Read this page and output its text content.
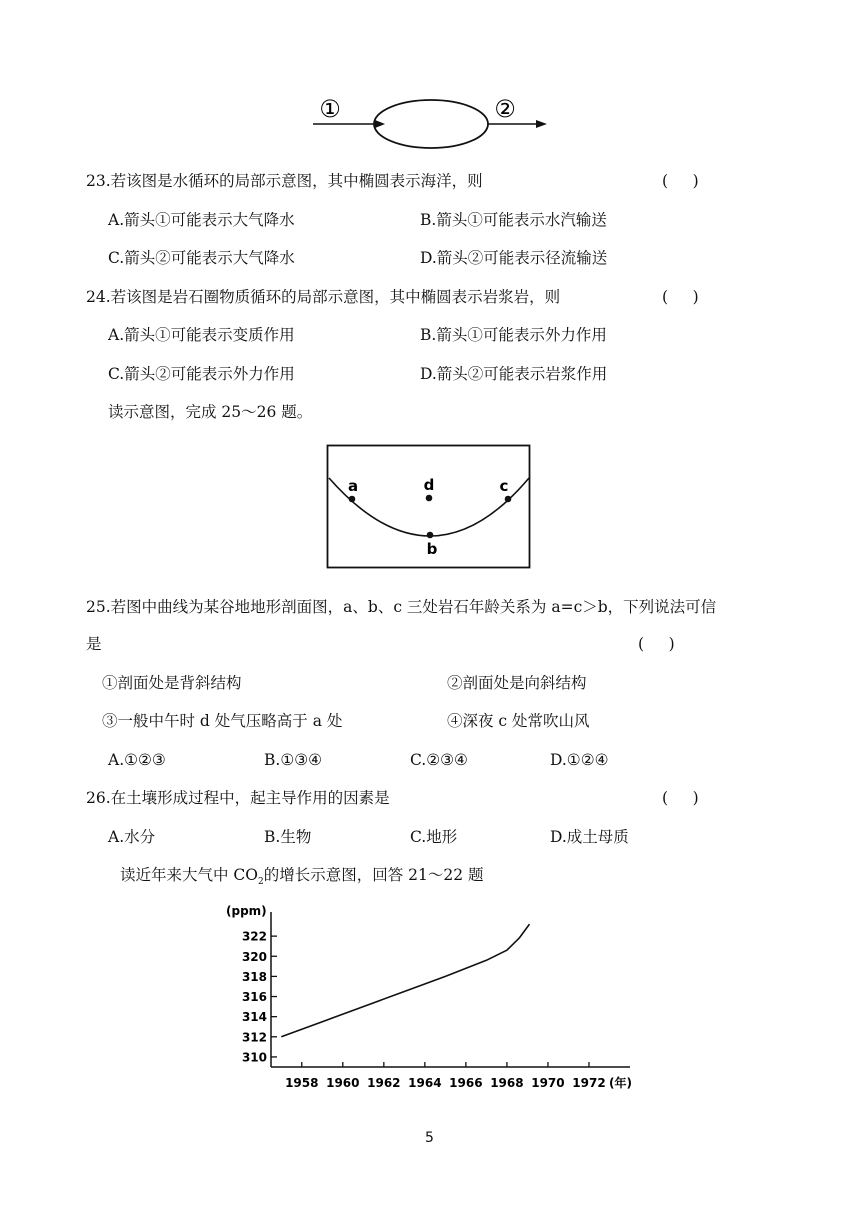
①	②
23.若该图是水循环的局部示意图，其中椭圆表示海洋，则	(     )
A.箭头①可能表示大气降水	B.箭头①可能表示水汽输送
C.箭头②可能表示大气降水	D.箭头②可能表示径流输送
24.若该图是岩石圈物质循环的局部示意图，其中椭圆表示岩浆岩，则	(     )
A.箭头①可能表示变质作用	B.箭头①可能表示外力作用
C.箭头②可能表示外力作用	D.箭头②可能表示岩浆作用
读示意图，完成 25～26 题。
a	d	c
b
25.若图中曲线为某谷地地形剖面图，a、b、c 三处岩石年龄关系为 a=c＞b，下列说法可信
是	(     )
①剖面处是背斜结构	②剖面处是向斜结构
③一般中午时 d 处气压略高于 a 处	④深夜 c 处常吹山风
A.①②③	B.①③④	C.②③④	D.①②④
26.在土壤形成过程中，起主导作用的因素是	(     )
A.水分	B.生物	C.地形	D.成土母质
读近年来大气中 $CO_2$的增长示意图，回答 21～22 题
(ppm)
310
312
314
316
318
320
322
1958 1960 1962 1964 1966 1968 1970 1972 (年)
5
